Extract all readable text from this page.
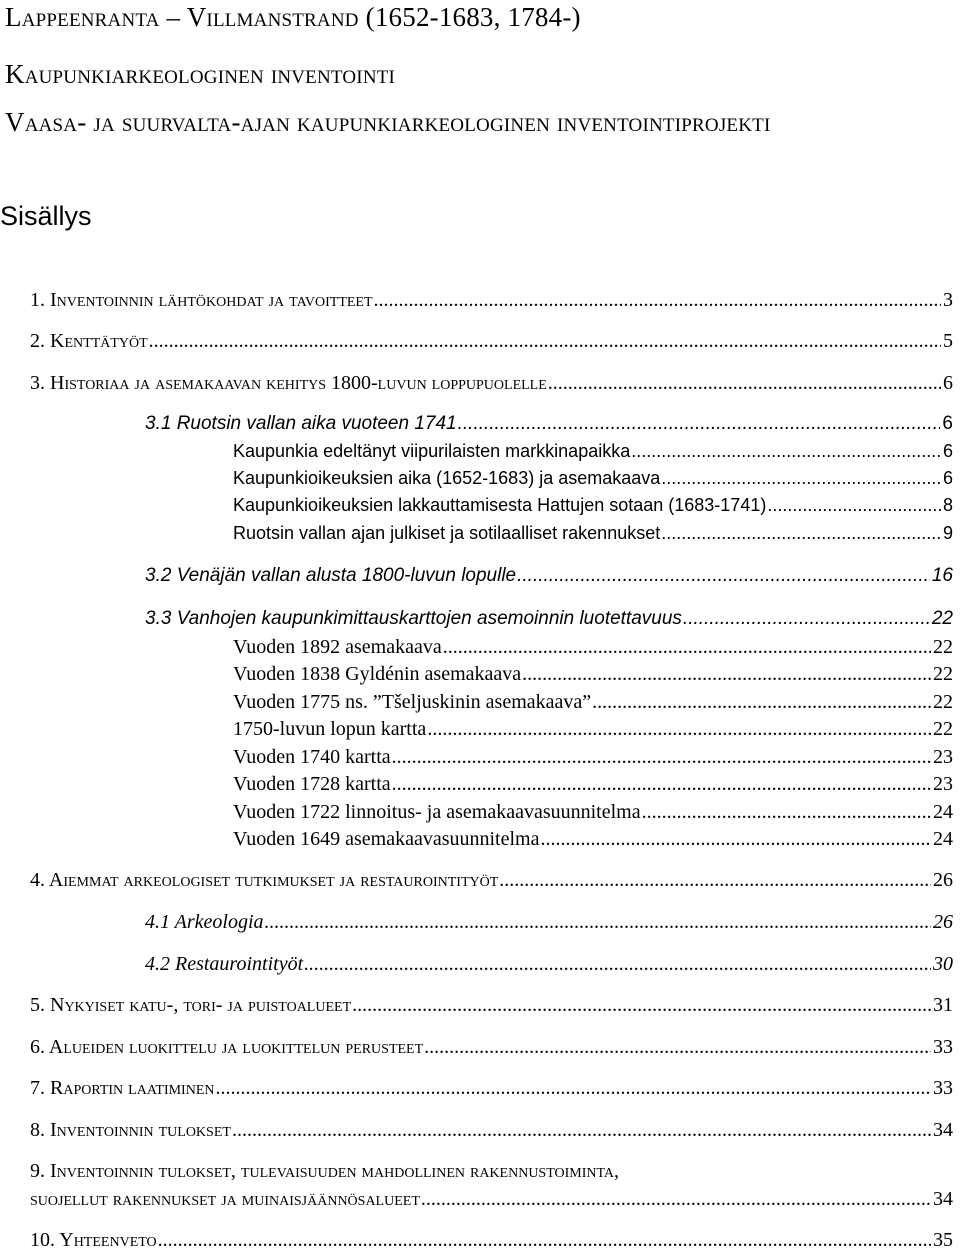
Lappeenranta – Villmanstrand (1652-1683, 1784-)
Kaupunkiarkeologinen inventointi
Vaasa- ja suurvalta-ajan kaupunkiarkeologinen inventointiprojekti
Sisällys
1. Inventoinnin lähtökohdat ja tavoitteet .....	3
2. Kenttätyöt .....	5
3. Historiaa ja asemakaavan kehitys 1800-luvun loppupuolelle .....	6
3.1 Ruotsin vallan aika vuoteen 1741 .....	6
Kaupunkia edeltänyt viipurilaisten markkinapaikka .....	6
Kaupunkioikeuksien aika (1652-1683) ja asemakaava .....	6
Kaupunkioikeuksien lakkauttamisesta Hattujen sotaan (1683-1741) .....	8
Ruotsin vallan ajan julkiset ja sotilaalliset rakennukset .....	9
3.2 Venäjän vallan alusta 1800-luvun lopulle .....	16
3.3 Vanhojen kaupunkimittauskarttojen asemoinnin luotettavuus .....	22
Vuoden 1892 asemakaava .....	22
Vuoden 1838 Gyldénin asemakaava .....	22
Vuoden 1775 ns. ”Tšeljuskinin asemakaava” .....	22
1750-luvun lopun kartta .....	22
Vuoden 1740 kartta .....	23
Vuoden 1728 kartta .....	23
Vuoden 1722 linnoitus- ja asemakaavasuunnitelma .....	24
Vuoden 1649 asemakaavasuunnitelma .....	24
4. Aiemmat arkeologiset tutkimukset ja restaurointityöt .....	26
4.1 Arkeologia .....	26
4.2 Restaurointityöt .....	30
5. Nykyiset katu-, tori- ja puistoalueet .....	31
6. Alueiden luokittelu ja luokittelun perusteet .....	33
7. Raportin laatiminen .....	33
8. Inventoinnin tulokset .....	34
9. Inventoinnin tulokset, tulevaisuuden mahdollinen rakennustoiminta,
suojellut rakennukset ja muinaisjäännösalueet .....	34
10. Yhteenveto .....	35
